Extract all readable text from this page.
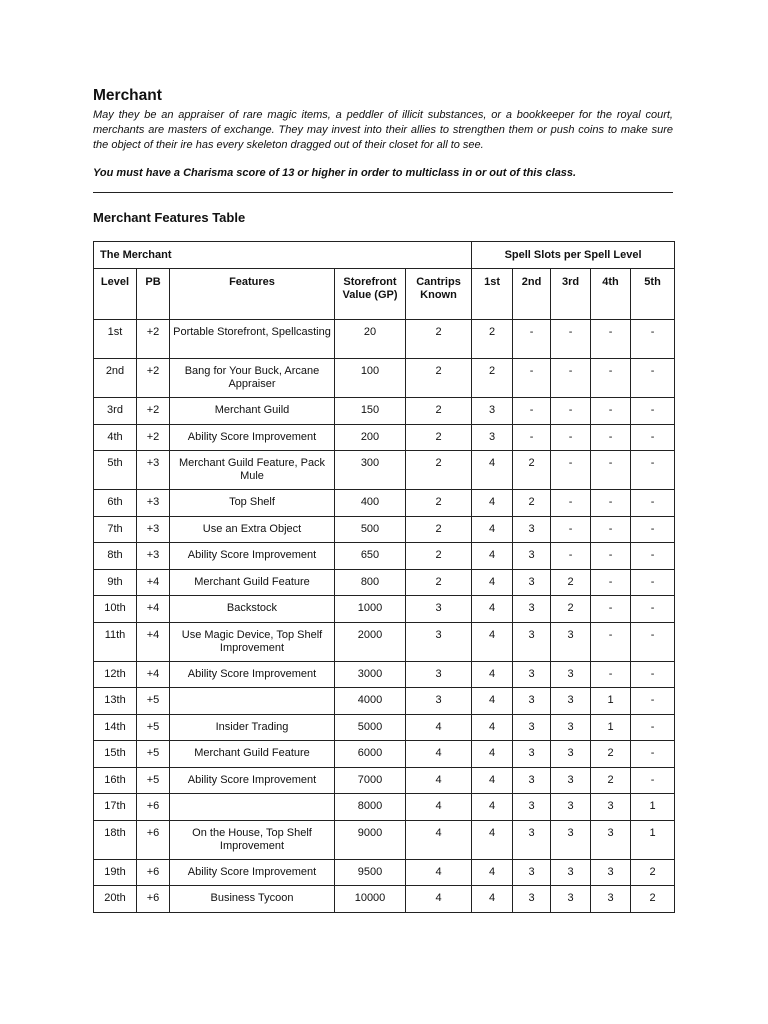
Merchant

May they be an appraiser of rare magic items, a peddler of illicit substances, or a bookkeeper for the royal court, merchants are masters of exchange. They may invest into their allies to strengthen them or push coins to make sure the object of their ire has every skeleton dragged out of their closet for all to see.

You must have a Charisma score of 13 or higher in order to multiclass in or out of this class.

Merchant Features Table
The Merchant					Spell Slots per Spell Level				
Level	PB	Features	Storefront Value (GP)	Cantrips Known	1st	2nd	3rd	4th	5th
1st	+2	Portable Storefront, Spellcasting	20	2	2	-	-	-	-
2nd	+2	Bang for Your Buck, Arcane Appraiser	100	2	2	-	-	-	-
3rd	+2	Merchant Guild	150	2	3	-	-	-	-
4th	+2	Ability Score Improvement	200	2	3	-	-	-	-
5th	+3	Merchant Guild Feature, Pack Mule	300	2	4	2	-	-	-
6th	+3	Top Shelf	400	2	4	2	-	-	-
7th	+3	Use an Extra Object	500	2	4	3	-	-	-
8th	+3	Ability Score Improvement	650	2	4	3	-	-	-
9th	+4	Merchant Guild Feature	800	2	4	3	2	-	-
10th	+4	Backstock	1000	3	4	3	2	-	-
11th	+4	Use Magic Device, Top Shelf Improvement	2000	3	4	3	3	-	-
12th	+4	Ability Score Improvement	3000	3	4	3	3	-	-
13th	+5		4000	3	4	3	3	1	-
14th	+5	Insider Trading	5000	4	4	3	3	1	-
15th	+5	Merchant Guild Feature	6000	4	4	3	3	2	-
16th	+5	Ability Score Improvement	7000	4	4	3	3	2	-
17th	+6		8000	4	4	3	3	3	1
18th	+6	On the House, Top Shelf Improvement	9000	4	4	3	3	3	1
19th	+6	Ability Score Improvement	9500	4	4	3	3	3	2
20th	+6	Business Tycoon	10000	4	4	3	3	3	2
